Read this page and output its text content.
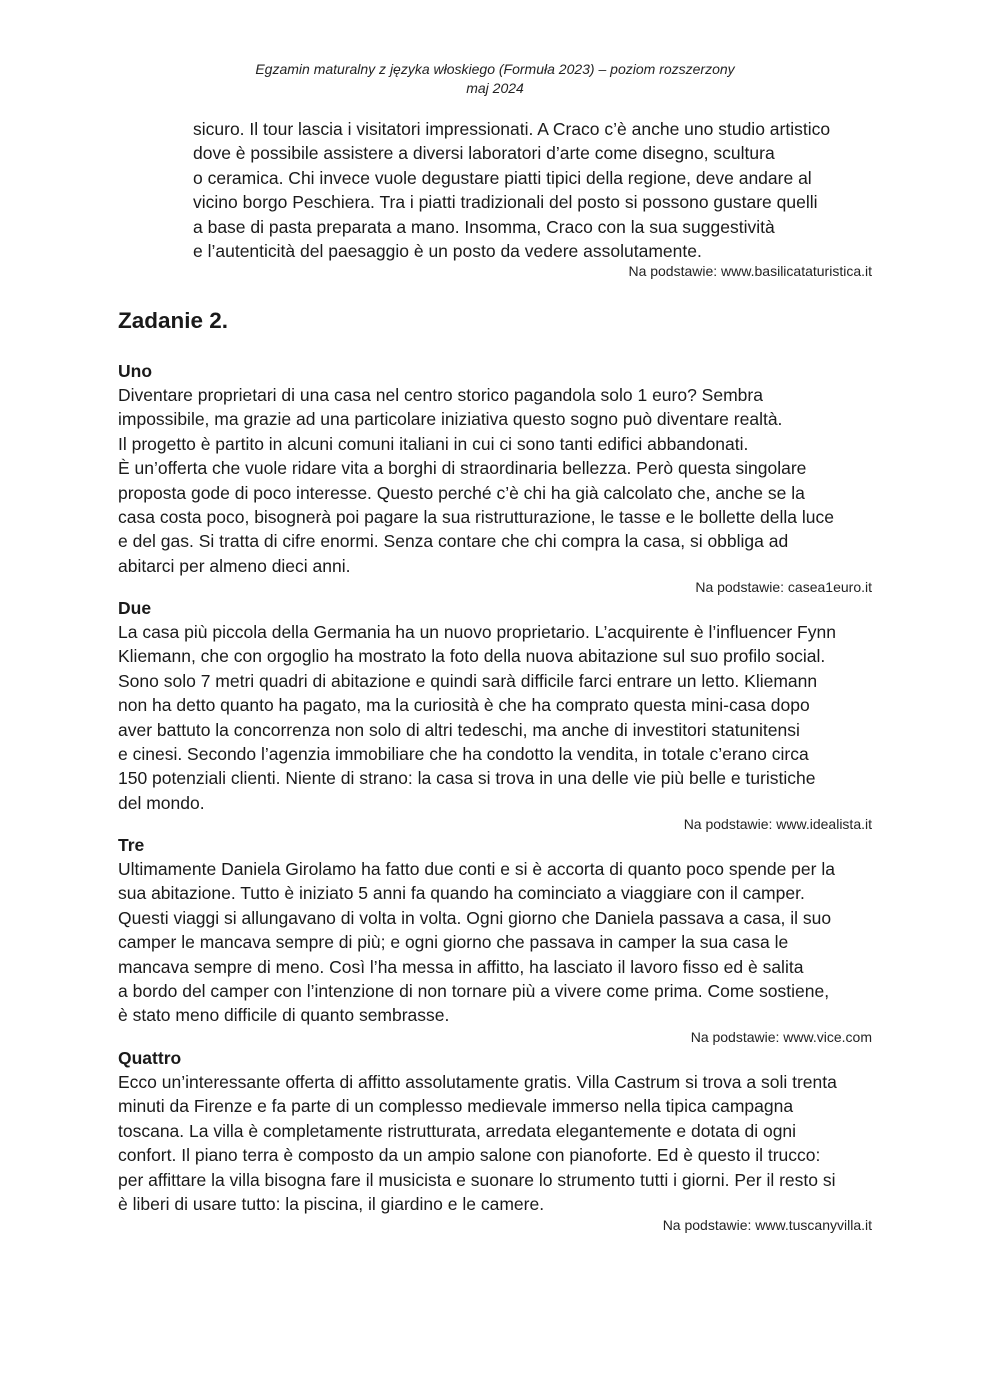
Egzamin maturalny z języka włoskiego (Formuła 2023) – poziom rozszerzony
maj 2024
sicuro. Il tour lascia i visitatori impressionati. A Craco c’è anche uno studio artistico
dove è possibile assistere a diversi laboratori d’arte come disegno, scultura
o ceramica. Chi invece vuole degustare piatti tipici della regione, deve andare al
vicino borgo Peschiera. Tra i piatti tradizionali del posto si possono gustare quelli
a base di pasta preparata a mano. Insomma, Craco con la sua suggestività
e l’autenticità del paesaggio è un posto da vedere assolutamente.
Na podstawie: www.basilicataturistica.it
Zadanie 2.
Uno
Diventare proprietari di una casa nel centro storico pagandola solo 1 euro? Sembra
impossibile, ma grazie ad una particolare iniziativa questo sogno può diventare realtà.
Il progetto è partito in alcuni comuni italiani in cui ci sono tanti edifici abbandonati.
È un’offerta che vuole ridare vita a borghi di straordinaria bellezza. Però questa singolare
proposta gode di poco interesse. Questo perché c’è chi ha già calcolato che, anche se la
casa costa poco, bisognerà poi pagare la sua ristrutturazione, le tasse e le bollette della luce
e del gas. Si tratta di cifre enormi. Senza contare che chi compra la casa, si obbliga ad
abitarci per almeno dieci anni.
Na podstawie: casea1euro.it
Due
La casa più piccola della Germania ha un nuovo proprietario. L’acquirente è l’influencer Fynn
Kliemann, che con orgoglio ha mostrato la foto della nuova abitazione sul suo profilo social.
Sono solo 7 metri quadri di abitazione e quindi sarà difficile farci entrare un letto. Kliemann
non ha detto quanto ha pagato, ma la curiosità è che ha comprato questa mini-casa dopo
aver battuto la concorrenza non solo di altri tedeschi, ma anche di investitori statunitensi
e cinesi. Secondo l’agenzia immobiliare che ha condotto la vendita, in totale c’erano circa
150 potenziali clienti. Niente di strano: la casa si trova in una delle vie più belle e turistiche
del mondo.
Na podstawie: www.idealista.it
Tre
Ultimamente Daniela Girolamo ha fatto due conti e si è accorta di quanto poco spende per la
sua abitazione. Tutto è iniziato 5 anni fa quando ha cominciato a viaggiare con il camper.
Questi viaggi si allungavano di volta in volta. Ogni giorno che Daniela passava a casa, il suo
camper le mancava sempre di più; e ogni giorno che passava in camper la sua casa le
mancava sempre di meno. Così l’ha messa in affitto, ha lasciato il lavoro fisso ed è salita
a bordo del camper con l’intenzione di non tornare più a vivere come prima. Come sostiene,
è stato meno difficile di quanto sembrasse.
Na podstawie: www.vice.com
Quattro
Ecco un’interessante offerta di affitto assolutamente gratis. Villa Castrum si trova a soli trenta
minuti da Firenze e fa parte di un complesso medievale immerso nella tipica campagna
toscana. La villa è completamente ristrutturata, arredata elegantemente e dotata di ogni
confort. Il piano terra è composto da un ampio salone con pianoforte. Ed è questo il trucco:
per affittare la villa bisogna fare il musicista e suonare lo strumento tutti i giorni. Per il resto si
è liberi di usare tutto: la piscina, il giardino e le camere.
Na podstawie: www.tuscanyvilla.it
